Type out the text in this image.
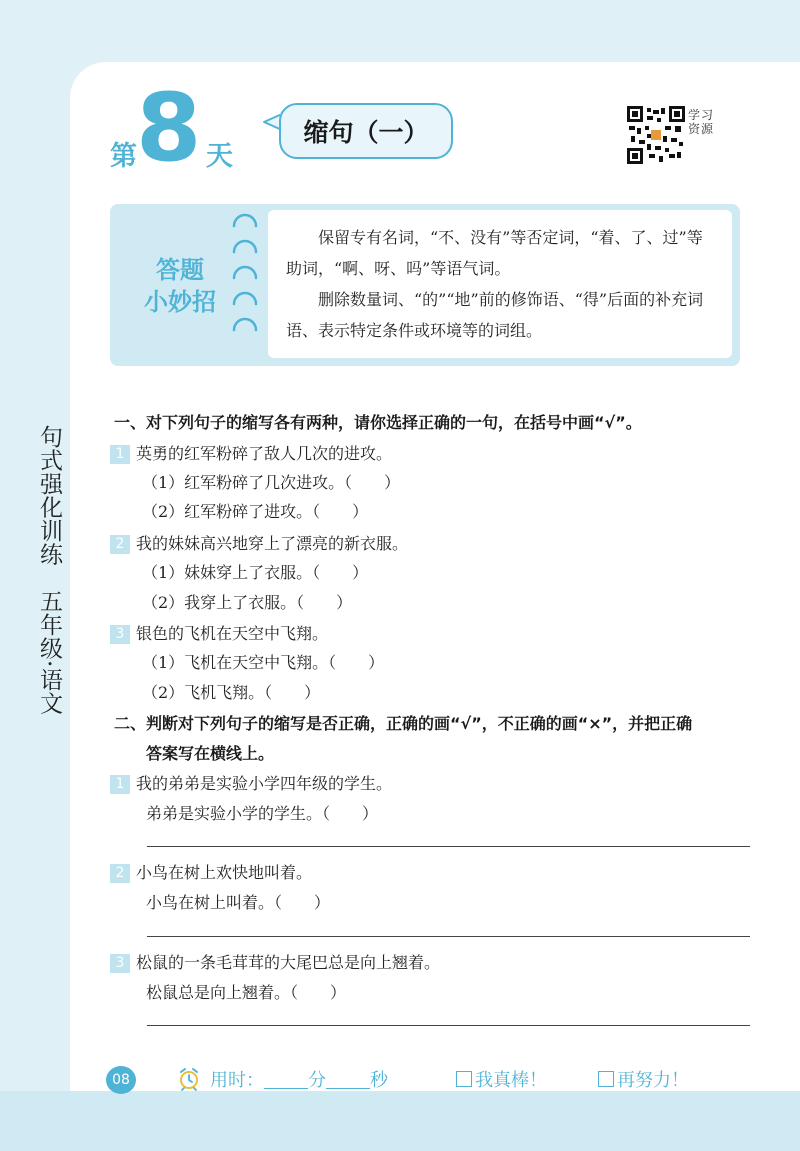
句式强化训练　五年级·语文
第 8 天
缩句（一）
学 习
资 源
答题
小妙招

保留专有名词，“不、没有”等否定词，“着、了、过”等助词，“啊、呀、吗”等语气词。

删除数量词、“的”“地”前的修饰语、“得”后面的补充词语、表示特定条件或环境等的词组。

一、对下列句子的缩写各有两种，请你选择正确的一句，在括号中画“√”。
1 英勇的红军粉碎了敌人几次的进攻。
（1）红军粉碎了几次进攻。（　　）
（2）红军粉碎了进攻。（　　）
2 我的妹妹高兴地穿上了漂亮的新衣服。
（1）妹妹穿上了衣服。（　　）
（2）我穿上了衣服。（　　）
3 银色的飞机在天空中飞翔。
（1）飞机在天空中飞翔。（　　）
（2）飞机飞翔。（　　）
二、判断对下列句子的缩写是否正确，正确的画“√”，不正确的画“×”，并把正确
答案写在横线上。
1 我的弟弟是实验小学四年级的学生。
弟弟是实验小学的学生。（　　）
2 小鸟在树上欢快地叫着。
小鸟在树上叫着。（　　）
3 松鼠的一条毛茸茸的大尾巴总是向上翘着。
松鼠总是向上翘着。（　　）
08	用时： 分 秒	我真棒！	再努力！
